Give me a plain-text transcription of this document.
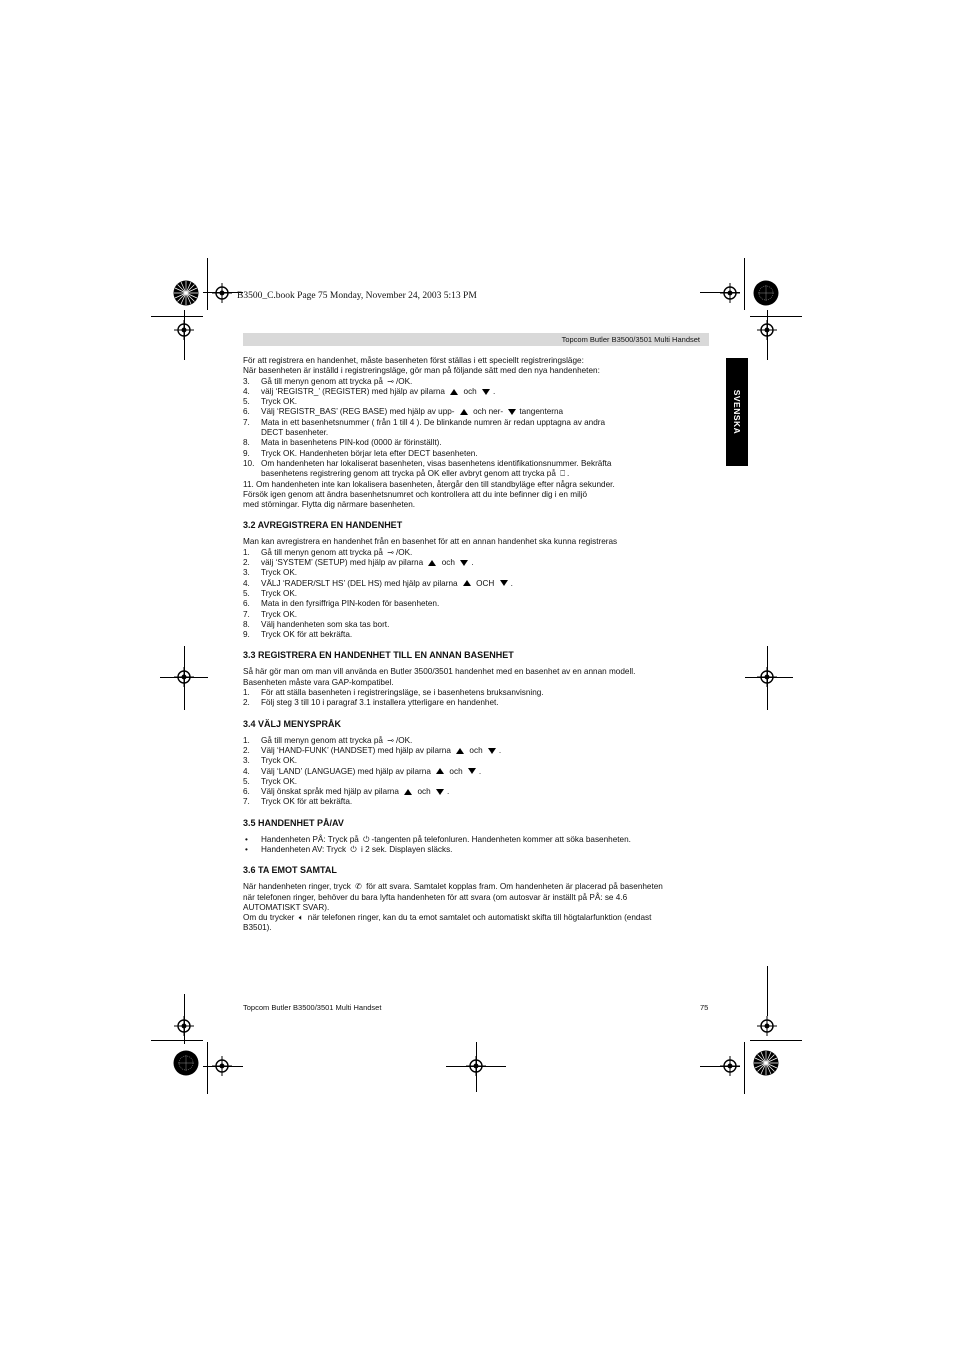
B3500_C.book Page 75 Monday, November 24, 2003 5:13 PM
Topcom Butler B3500/3501 Multi Handset
SVENSKA

För att registrera en handenhet, måste basenheten först ställas i ett speciellt registreringsläge:

När basenheten är inställd i registreringsläge, gör man på följande sätt med den nya handenheten:

3.	Gå till menyn genom att trycka på ⊸ /OK.
4.	välj ‘REGISTR_’ (REGISTER) med hjälp av pilarna  och .
5.	Tryck OK.
6.	Välj ‘REGISTR_BAS’ (REG BASE) med hjälp av upp-  och ner- tangenterna
7.	Mata in ett basenhetsnummer ( från 1 till 4 ). De blinkande numren är redan upptagna av andra
DECT basenheter.
8.	Mata in basenhetens PIN-kod (0000 är förinställt).
9.	Tryck OK. Handenheten börjar leta efter DECT basenheten.
10. Om handenheten har lokaliserat basenheten, visas basenhetens identifikationsnummer. Bekräfta
basenhetens registrering genom att trycka på OK eller avbryt genom att trycka på ⎕ .

11. Om handenheten inte kan lokalisera basenheten, återgår den till standbyläge efter några sekunder.

Försök igen genom att ändra basenhetsnumret och kontrollera att du inte befinner dig i en miljö

med störningar. Flytta dig närmare basenheten.

3.2 AVREGISTRERA EN HANDENHET

Man kan avregistrera en handenhet från en basenhet för att en annan handenhet ska kunna registreras

1.	Gå till menyn genom att trycka på ⊸ /OK.
2.	välj ‘SYSTEM’ (SETUP) med hjälp av pilarna  och .
3.	Tryck OK.
4.	VÄLJ ‘RADER/SLT HS’ (DEL HS) med hjälp av pilarna  OCH .
5.	Tryck OK.
6.	Mata in den fyrsiffriga PIN-koden för basenheten.
7.	Tryck OK.
8.	Välj handenheten som ska tas bort.
9.	Tryck OK för att bekräfta.
3.3 REGISTRERA EN HANDENHET TILL EN ANNAN BASENHET

Så här gör man om man vill använda en Butler 3500/3501 handenhet med en basenhet av en annan modell.

Basenheten måste vara GAP-kompatibel.

1.	För att ställa basenheten i registreringsläge, se i basenhetens bruksanvisning.
2.	Följ steg 3 till 10 i paragraf 3.1 installera ytterligare en handenhet.
3.4 VÄLJ MENYSPRÅK
1.	Gå till menyn genom att trycka på ⊸ /OK.
2.	Välj ‘HAND-FUNK’ (HANDSET) med hjälp av pilarna  och .
3.	Tryck OK.
4.	Välj ‘LAND’ (LANGUAGE) med hjälp av pilarna  och .
5.	Tryck OK.
6.	Välj önskat språk med hjälp av pilarna  och .
7.	Tryck OK för att bekräfta.
3.5 HANDENHET PÅ/AV
•	Handenheten PÅ: Tryck på ⏻ -tangenten på telefonluren. Handenheten kommer att söka basenheten.
•	Handenheten AV: Tryck ⏻ i 2 sek. Displayen släcks.
3.6 TA EMOT SAMTAL

När handenheten ringer, tryck ✆ för att svara. Samtalet kopplas fram. Om handenheten är placerad på basenheten

när telefonen ringer, behöver du bara lyfta handenheten för att svara (om autosvar är inställt på PÅ: se 4.6

AUTOMATISKT SVAR).

Om du trycker 🔈︎ när telefonen ringer, kan du ta emot samtalet och automatiskt skifta till högtalarfunktion (endast

B3501).

Topcom Butler B3500/3501 Multi Handset	75
